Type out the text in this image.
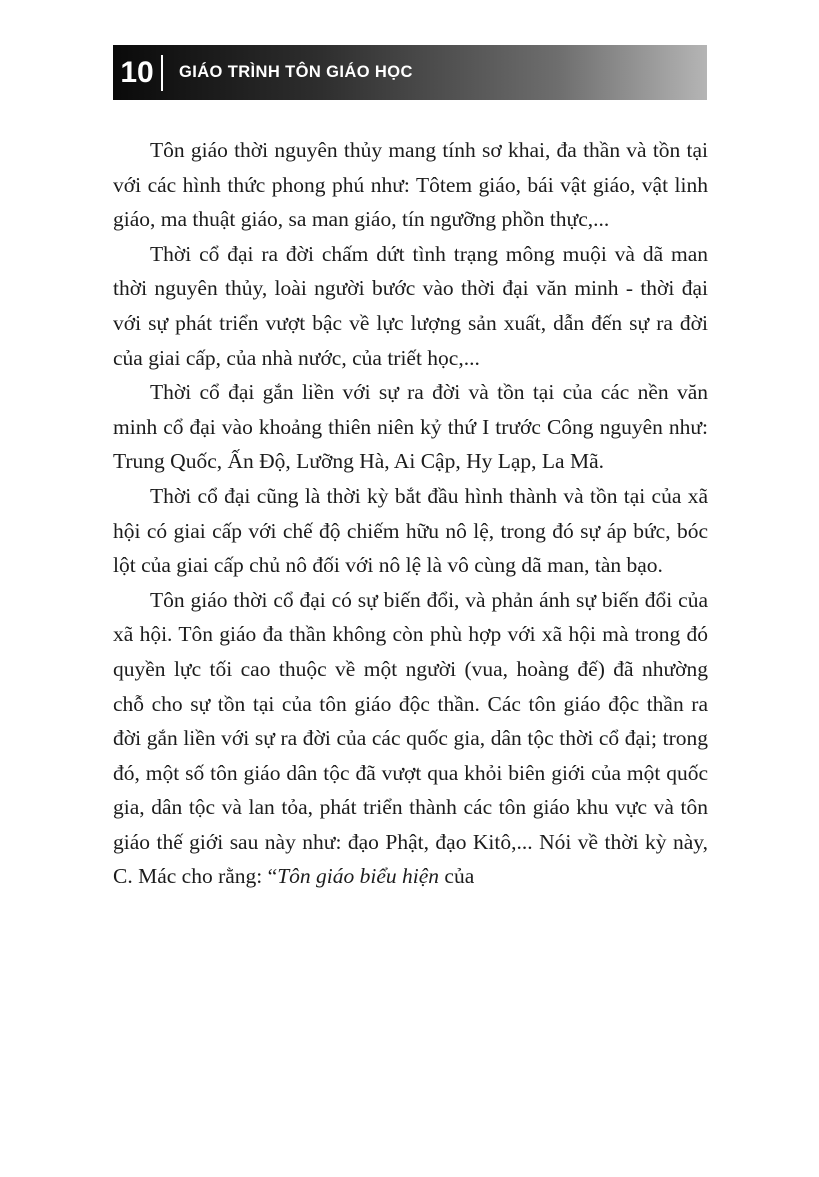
10	GIÁO TRÌNH TÔN GIÁO HỌC

Tôn giáo thời nguyên thủy mang tính sơ khai, đa thần và tồn tại với các hình thức phong phú như: Tôtem giáo, bái vật giáo, vật linh giáo, ma thuật giáo, sa man giáo, tín ngưỡng phồn thực,...

Thời cổ đại ra đời chấm dứt tình trạng mông muội và dã man thời nguyên thủy, loài người bước vào thời đại văn minh - thời đại với sự phát triển vượt bậc về lực lượng sản xuất, dẫn đến sự ra đời của giai cấp, của nhà nước, của triết học,...

Thời cổ đại gắn liền với sự ra đời và tồn tại của các nền văn minh cổ đại vào khoảng thiên niên kỷ thứ I trước Công nguyên như: Trung Quốc, Ấn Độ, Lưỡng Hà, Ai Cập, Hy Lạp, La Mã.

Thời cổ đại cũng là thời kỳ bắt đầu hình thành và tồn tại của xã hội có giai cấp với chế độ chiếm hữu nô lệ, trong đó sự áp bức, bóc lột của giai cấp chủ nô đối với nô lệ là vô cùng dã man, tàn bạo.

Tôn giáo thời cổ đại có sự biến đổi, và phản ánh sự biến đổi của xã hội. Tôn giáo đa thần không còn phù hợp với xã hội mà trong đó quyền lực tối cao thuộc về một người (vua, hoàng đế) đã nhường chỗ cho sự tồn tại của tôn giáo độc thần. Các tôn giáo độc thần ra đời gắn liền với sự ra đời của các quốc gia, dân tộc thời cổ đại; trong đó, một số tôn giáo dân tộc đã vượt qua khỏi biên giới của một quốc gia, dân tộc và lan tỏa, phát triển thành các tôn giáo khu vực và tôn giáo thế giới sau này như: đạo Phật, đạo Kitô,... Nói về thời kỳ này, C. Mác cho rằng: “Tôn giáo biểu hiện của
